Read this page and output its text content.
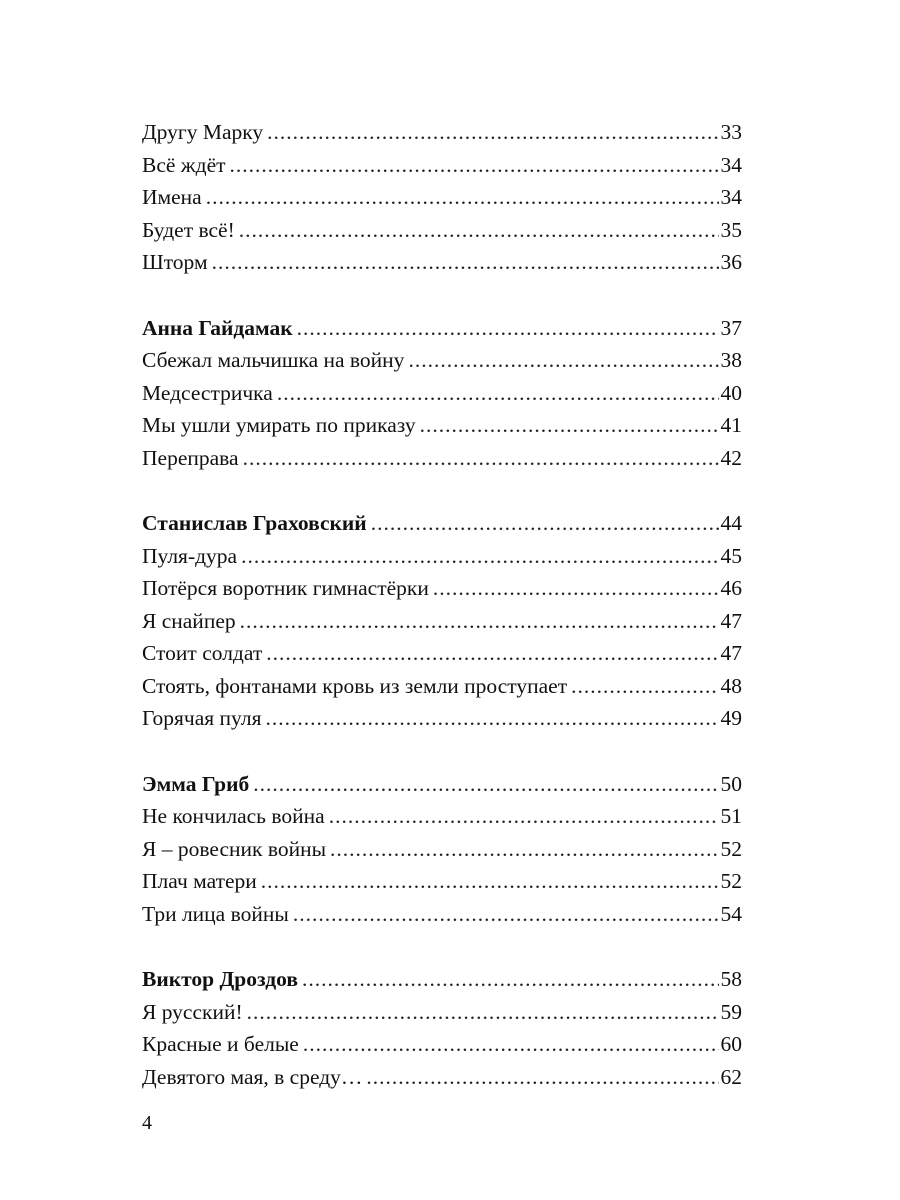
Другу Марку .....	33
Всё ждёт .....	34
Имена .....	34
Будет всё! .....	35
Шторм .....	36
Анна Гайдамак .....	37
Сбежал мальчишка на войну .....	38
Медсестричка .....	40
Мы ушли умирать по приказу .....	41
Переправа .....	42
Станислав Граховский .....	44
Пуля-дура .....	45
Потёрся воротник гимнастёрки .....	46
Я снайпер .....	47
Стоит солдат .....	47
Стоять, фонтанами кровь из земли проступает .....	48
Горячая пуля .....	49
Эмма Гриб .....	50
Не кончилась война .....	51
Я – ровесник войны .....	52
Плач матери .....	52
Три лица войны .....	54
Виктор Дроздов .....	58
Я русский! .....	59
Красные и белые .....	60
Девятого мая, в среду… .....	62
4
